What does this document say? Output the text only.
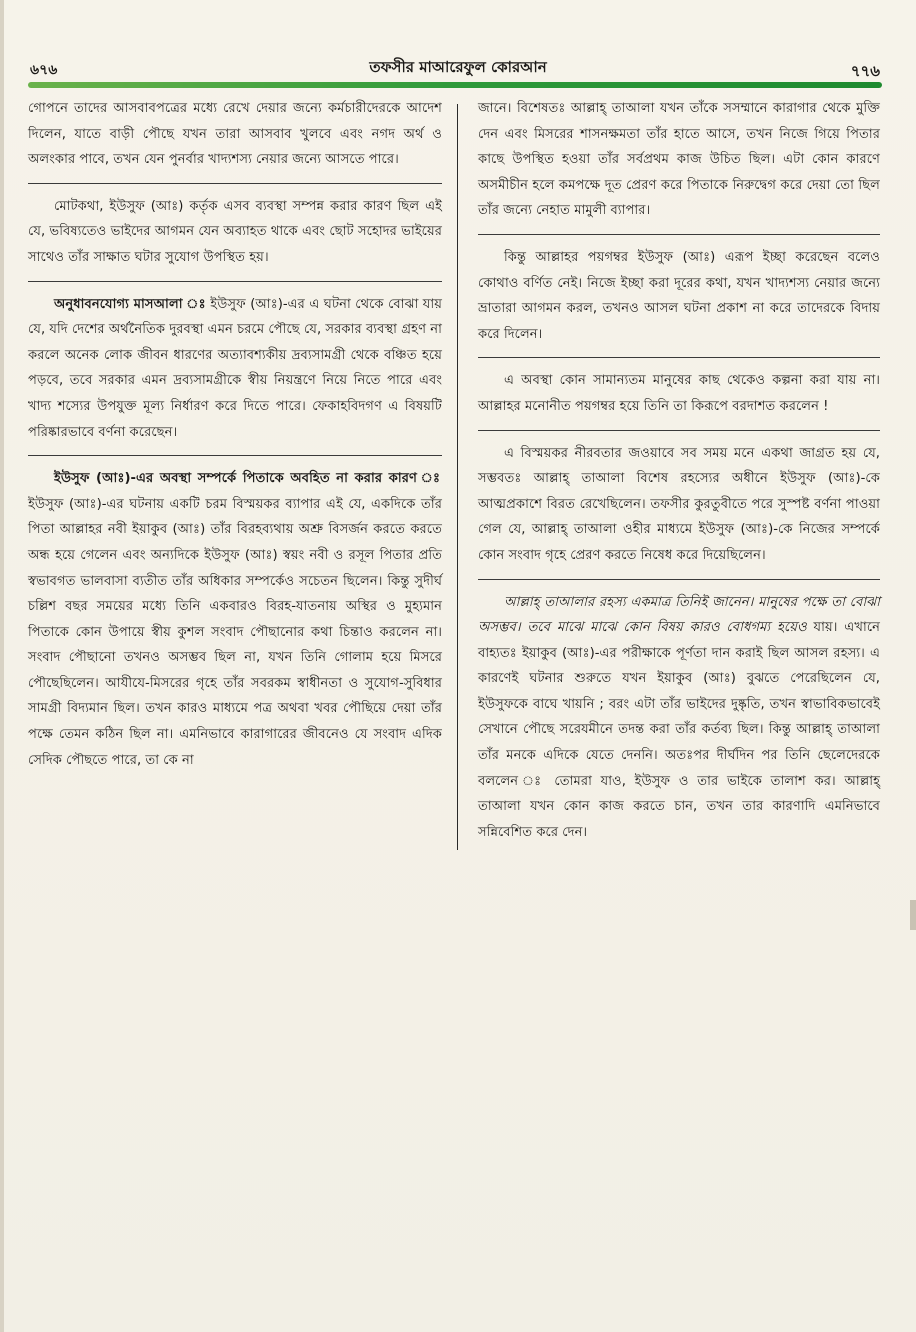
৬৭৬	তফসীর মাআরেফুল কোরআন	৭৭৬

গোপনে তাদের আসবাবপত্রের মধ্যে রেখে দেয়ার জন্যে কর্মচারীদেরকে আদেশ দিলেন, যাতে বাড়ী পৌছে যখন তারা আসবাব খুলবে এবং নগদ অর্থ ও অলংকার পাবে, তখন যেন পুনর্বার খাদ্যশস্য নেয়ার জন্যে আসতে পারে।

মোটকথা, ইউসুফ (আঃ) কর্তৃক এসব ব্যবস্থা সম্পন্ন করার কারণ ছিল এই যে, ভবিষ্যতেও ভাইদের আগমন যেন অব্যাহত থাকে এবং ছোট সহোদর ভাইয়ের সাথেও তাঁর সাক্ষাত ঘটার সুযোগ উপস্থিত হয়।

অনুধাবনযোগ্য মাসআলা ঃ ইউসুফ (আঃ)-এর এ ঘটনা থেকে বোঝা যায় যে, যদি দেশের অর্থনৈতিক দুরবস্থা এমন চরমে পৌছে যে, সরকার ব্যবস্থা গ্রহণ না করলে অনেক লোক জীবন ধারণের অত্যাবশ্যকীয় দ্রব্যসামগ্রী থেকে বঞ্চিত হয়ে পড়বে, তবে সরকার এমন দ্রব্যসামগ্রীকে স্বীয় নিয়ন্ত্রণে নিয়ে নিতে পারে এবং খাদ্য শস্যের উপযুক্ত মূল্য নির্ধারণ করে দিতে পারে। ফেকাহবিদগণ এ বিষয়টি পরিষ্কারভাবে বর্ণনা করেছেন।

ইউসুফ (আঃ)-এর অবস্থা সম্পর্কে পিতাকে অবহিত না করার কারণ ঃ ইউসুফ (আঃ)-এর ঘটনায় একটি চরম বিস্ময়কর ব্যাপার এই যে, একদিকে তাঁর পিতা আল্লাহর নবী ইয়াকুব (আঃ) তাঁর বিরহব্যথায় অশ্রু বিসর্জন করতে করতে অন্ধ হয়ে গেলেন এবং অন্যদিকে ইউসুফ (আঃ) স্বয়ং নবী ও রসূল পিতার প্রতি স্বভাবগত ভালবাসা ব্যতীত তাঁর অধিকার সম্পর্কেও সচেতন ছিলেন। কিন্তু সুদীর্ঘ চল্লিশ বছর সময়ের মধ্যে তিনি একবারও বিরহ-যাতনায় অস্থির ও মুহ্যমান পিতাকে কোন উপায়ে স্বীয় কুশল সংবাদ পৌছানোর কথা চিন্তাও করলেন না। সংবাদ পৌছানো তখনও অসম্ভব ছিল না, যখন তিনি গোলাম হয়ে মিসরে পৌছেছিলেন। আযীযে-মিসরের গৃহে তাঁর সবরকম স্বাধীনতা ও সুযোগ-সুবিধার সামগ্রী বিদ্যমান ছিল। তখন কারও মাধ্যমে পত্র অথবা খবর পৌছিয়ে দেয়া তাঁর পক্ষে তেমন কঠিন ছিল না। এমনিভাবে কারাগারের জীবনেও যে সংবাদ এদিক সেদিক পৌছতে পারে, তা কে না

জানে। বিশেষতঃ আল্লাহ্ তাআলা যখন তাঁকে সসম্মানে কারাগার থেকে মুক্তি দেন এবং মিসরের শাসনক্ষমতা তাঁর হাতে আসে, তখন নিজে গিয়ে পিতার কাছে উপস্থিত হওয়া তাঁর সর্বপ্রথম কাজ উচিত ছিল। এটা কোন কারণে অসমীচীন হলে কমপক্ষে দূত প্রেরণ করে পিতাকে নিরুদ্বেগ করে দেয়া তো ছিল তাঁর জন্যে নেহাত মামুলী ব্যাপার।

কিন্তু আল্লাহর পয়গম্বর ইউসুফ (আঃ) এরূপ ইচ্ছা করেছেন বলেও কোথাও বর্ণিত নেই। নিজে ইচ্ছা করা দূরের কথা, যখন খাদ্যশস্য নেয়ার জন্যে ভ্রাতারা আগমন করল, তখনও আসল ঘটনা প্রকাশ না করে তাদেরকে বিদায় করে দিলেন।

এ অবস্থা কোন সামান্যতম মানুষের কাছ থেকেও কল্পনা করা যায় না। আল্লাহর মনোনীত পয়গম্বর হয়ে তিনি তা কিরূপে বরদাশত করলেন !

এ বিস্ময়কর নীরবতার জওয়াবে সব সময় মনে একথা জাগ্রত হয় যে, সম্ভবতঃ আল্লাহ্ তাআলা বিশেষ রহস্যের অধীনে ইউসুফ (আঃ)-কে আত্মপ্রকাশে বিরত রেখেছিলেন। তফসীর কুরতুবীতে পরে সুস্পষ্ট বর্ণনা পাওয়া গেল যে, আল্লাহ্ তাআলা ওহীর মাধ্যমে ইউসুফ (আঃ)-কে নিজের সম্পর্কে কোন সংবাদ গৃহে প্রেরণ করতে নিষেধ করে দিয়েছিলেন।

আল্লাহ্ তাআলার রহস্য একমাত্র তিনিই জানেন। মানুষের পক্ষে তা বোঝা অসম্ভব। তবে মাঝে মাঝে কোন বিষয় কারও বোধগম্য হয়েও যায়। এখানে বাহ্যতঃ ইয়াকুব (আঃ)-এর পরীক্ষাকে পূর্ণতা দান করাই ছিল আসল রহস্য। এ কারণেই ঘটনার শুরুতে যখন ইয়াকুব (আঃ) বুঝতে পেরেছিলেন যে, ইউসুফকে বাঘে খায়নি ; বরং এটা তাঁর ভাইদের দুষ্কৃতি, তখন স্বাভাবিকভাবেই সেখানে পৌছে সরেযমীনে তদন্ত করা তাঁর কর্তব্য ছিল। কিন্তু আল্লাহ্ তাআলা তাঁর মনকে এদিকে যেতে দেননি। অতঃপর দীর্ঘদিন পর তিনি ছেলেদেরকে বললেন ঃ তোমরা যাও, ইউসুফ ও তার ভাইকে তালাশ কর। আল্লাহ্ তাআলা যখন কোন কাজ করতে চান, তখন তার কারণাদি এমনিভাবে সন্নিবেশিত করে দেন।
